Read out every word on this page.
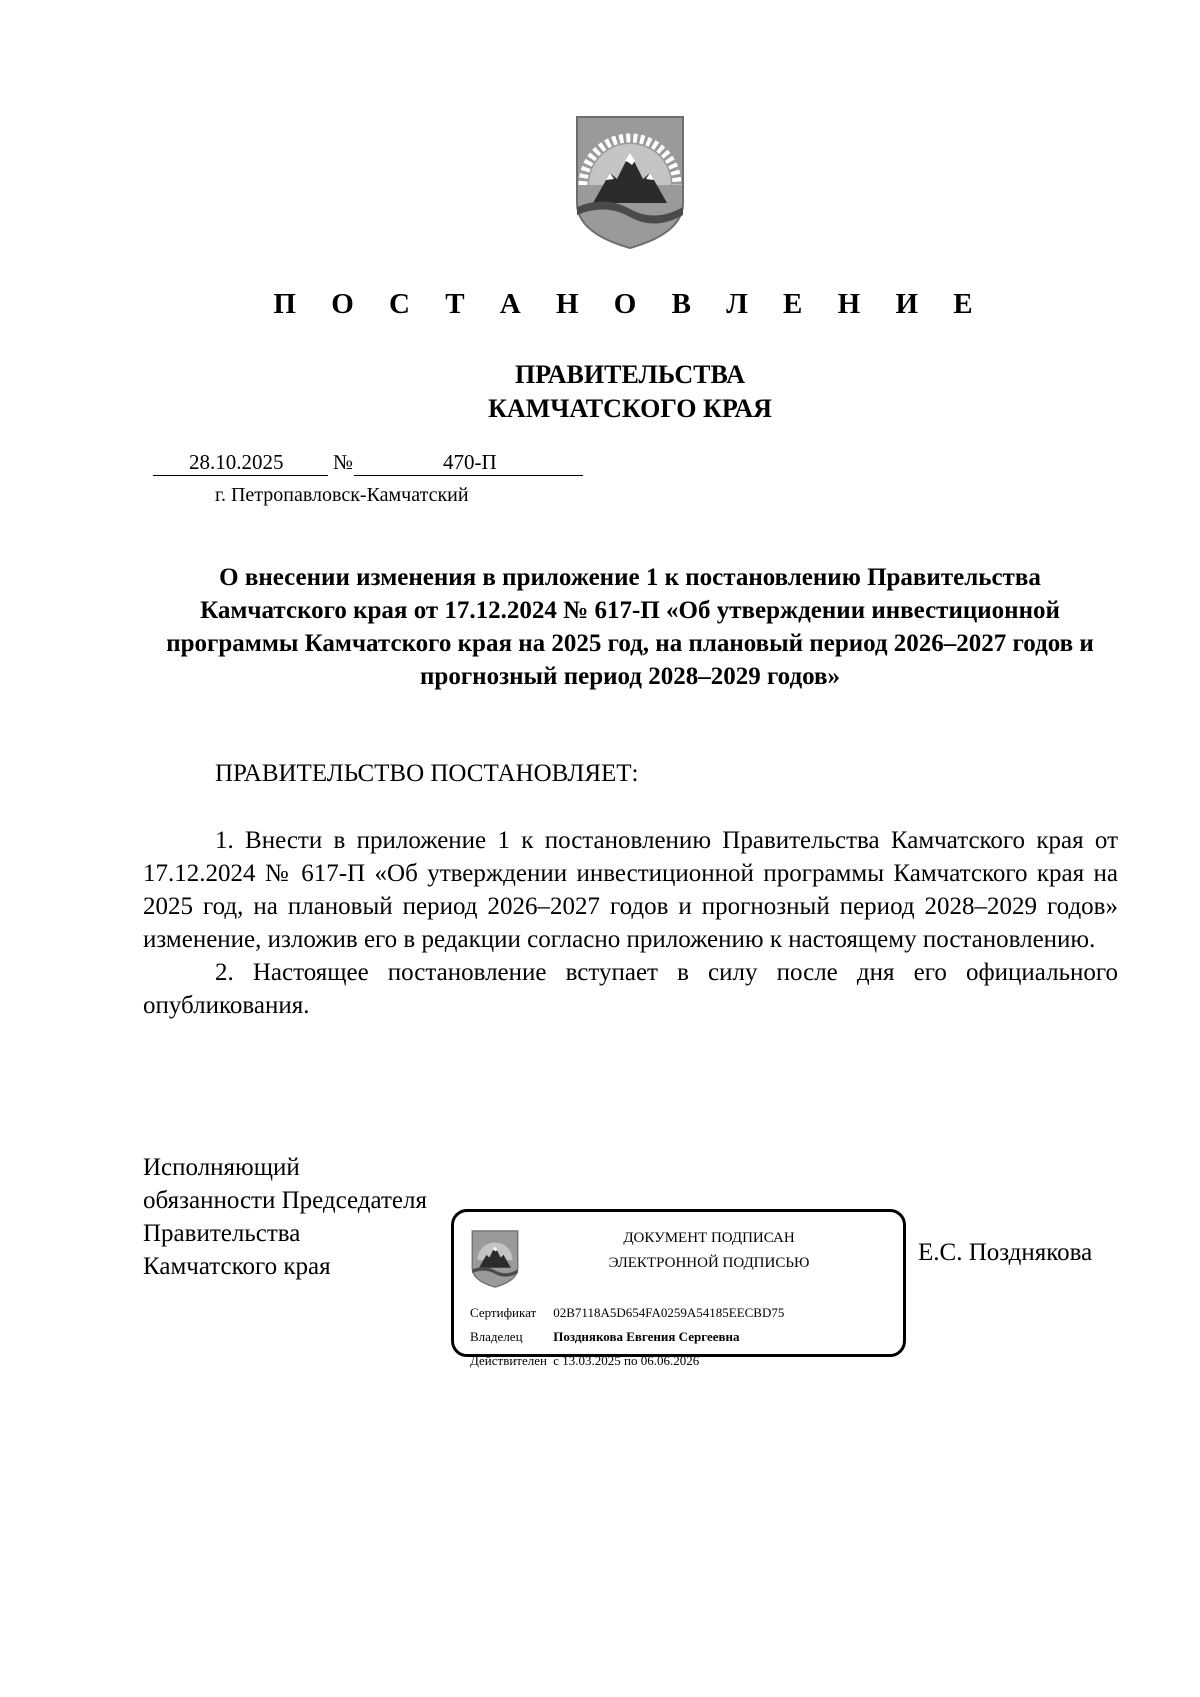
П О С Т А Н О В Л Е Н И Е
ПРАВИТЕЛЬСТВА
КАМЧАТСКОГО КРАЯ
28.10.2025 №	470-П
г. Петропавловск-Камчатский
О внесении изменения в приложение 1 к постановлению Правительства Камчатского края от 17.12.2024 № 617-П «Об утверждении инвестиционной программы Камчатского края на 2025 год, на плановый период 2026–2027 годов и прогнозный период 2028–2029 годов»
ПРАВИТЕЛЬСТВО ПОСТАНОВЛЯЕТ:

1. Внести в приложение 1 к постановлению Правительства Камчатского края от 17.12.2024 № 617-П «Об утверждении инвестиционной программы Камчатского края на 2025 год, на плановый период 2026–2027 годов и прогнозный период 2028–2029 годов» изменение, изложив его в редакции согласно приложению к настоящему постановлению.

2. Настоящее постановление вступает в силу после дня его официального опубликования.

Исполняющий
обязанности Председателя
Правительства
Камчатского края
ДОКУМЕНТ ПОДПИСАН
ЭЛЕКТРОННОЙ ПОДПИСЬЮ
Сертификат 02B7118A5D654FA0259A54185EECBD75
Владелец Позднякова Евгения Сергеевна
Действителен с 13.03.2025 по 06.06.2026
Е.С. Позднякова
